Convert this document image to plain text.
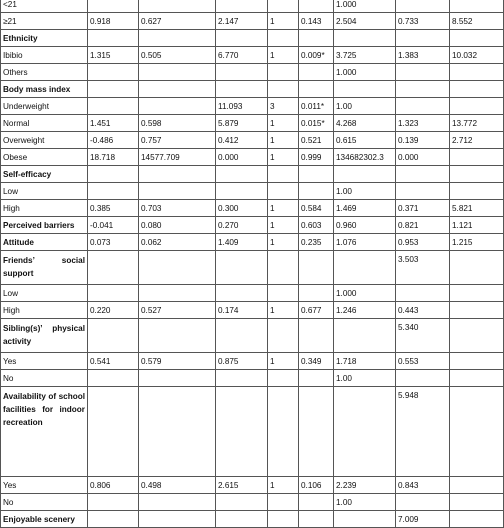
<21						1.000		
≥21	0.918	0.627	2.147	1	0.143	2.504	0.733	8.552
Ethnicity								
Ibibio	1.315	0.505	6.770	1	0.009*	3.725	1.383	10.032
Others						1.000		
Body mass index								
Underweight			11.093	3	0.011*	1.00		
Normal	1.451	0.598	5.879	1	0.015*	4.268	1.323	13.772
Overweight	-0.486	0.757	0.412	1	0.521	0.615	0.139	2.712
Obese	18.718	14577.709	0.000	1	0.999	134682302.3	0.000	
Self-efficacy								
Low						1.00		
High	0.385	0.703	0.300	1	0.584	1.469	0.371	5.821
Perceived barriers	-0.041	0.080	0.270	1	0.603	0.960	0.821	1.121
Attitude	0.073	0.062	1.409	1	0.235	1.076	0.953	1.215
Friends’ social support							3.503	
Low						1.000		
High	0.220	0.527	0.174	1	0.677	1.246	0.443	
Sibling(s)’ physical activity							5.340	
Yes	0.541	0.579	0.875	1	0.349	1.718	0.553	
No						1.00		
Availability of school facilities for indoor recreation							5.948	
Yes	0.806	0.498	2.615	1	0.106	2.239	0.843	
No						1.00		
Enjoyable scenery							7.009	
